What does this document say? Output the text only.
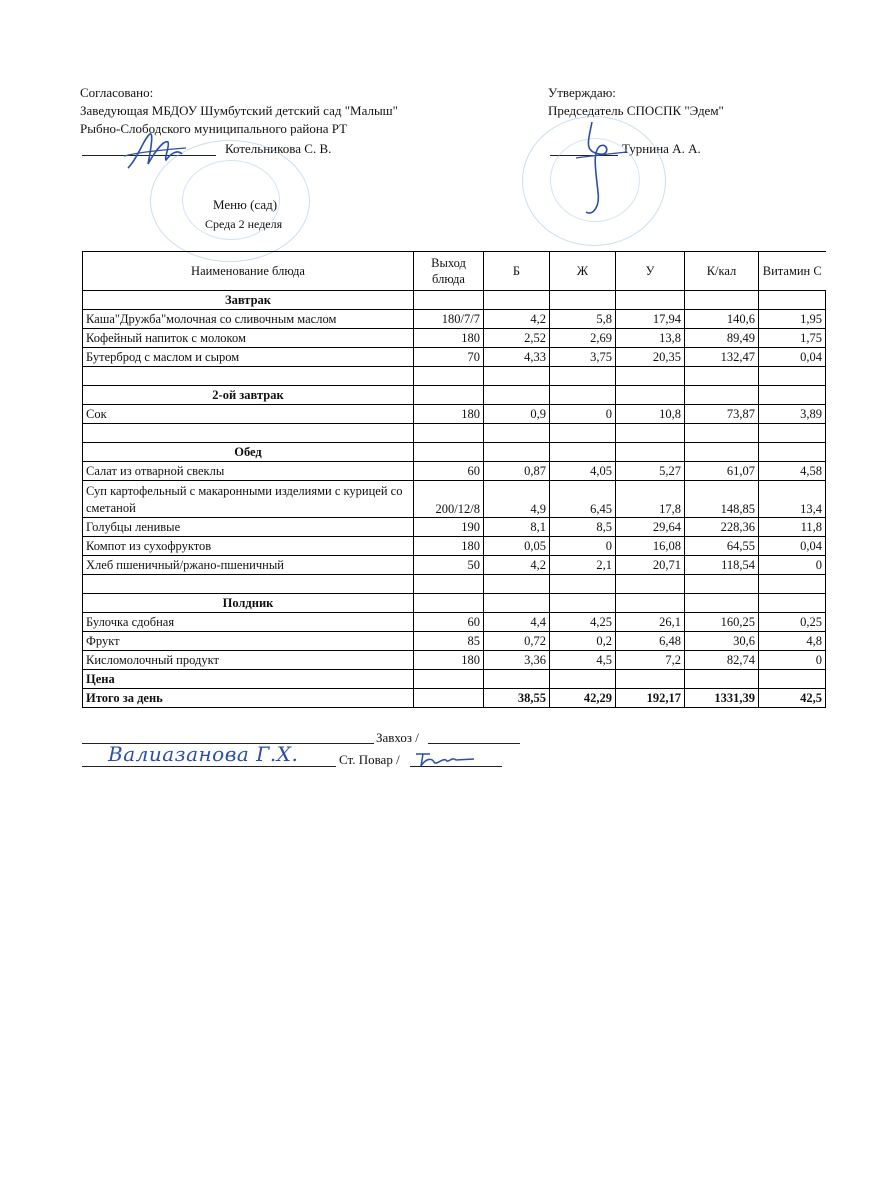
Согласовано:
Заведующая МБДОУ Шумбутский детский сад "Малыш"
Рыбно-Слободского муниципального района РТ
Котельникова С. В.
Утверждаю:
Председатель СПОСПК "Эдем"
Турнина А. А.
Меню (сад)
Среда 2 неделя
Наименование блюда	Выход блюда	Б	Ж	У	К/кал	Витамин С
Завтрак						
Каша"Дружба"молочная со сливочным маслом	180/7/7	4,2	5,8	17,94	140,6	1,95
Кофейный напиток с молоком	180	2,52	2,69	13,8	89,49	1,75
Бутерброд с маслом и сыром	70	4,33	3,75	20,35	132,47	0,04

2-ой завтрак						
Сок	180	0,9	0	10,8	73,87	3,89

Обед						
Салат из отварной свеклы	60	0,87	4,05	5,27	61,07	4,58
Суп картофельный с макаронными изделиями с курицей со сметаной	200/12/8	4,9	6,45	17,8	148,85	13,4
Голубцы ленивые	190	8,1	8,5	29,64	228,36	11,8
Компот из сухофруктов	180	0,05	0	16,08	64,55	0,04
Хлеб пшеничный/ржано-пшеничный	50	4,2	2,1	20,71	118,54	0

Полдник						
Булочка сдобная	60	4,4	4,25	26,1	160,25	0,25
Фрукт	85	0,72	0,2	6,48	30,6	4,8
Кисломолочный продукт	180	3,36	4,5	7,2	82,74	0
Цена						
Итого за день		38,55	42,29	192,17	1331,39	42,5
Завхоз /
Валиазанова Г.Х.	Ст. Повар /
